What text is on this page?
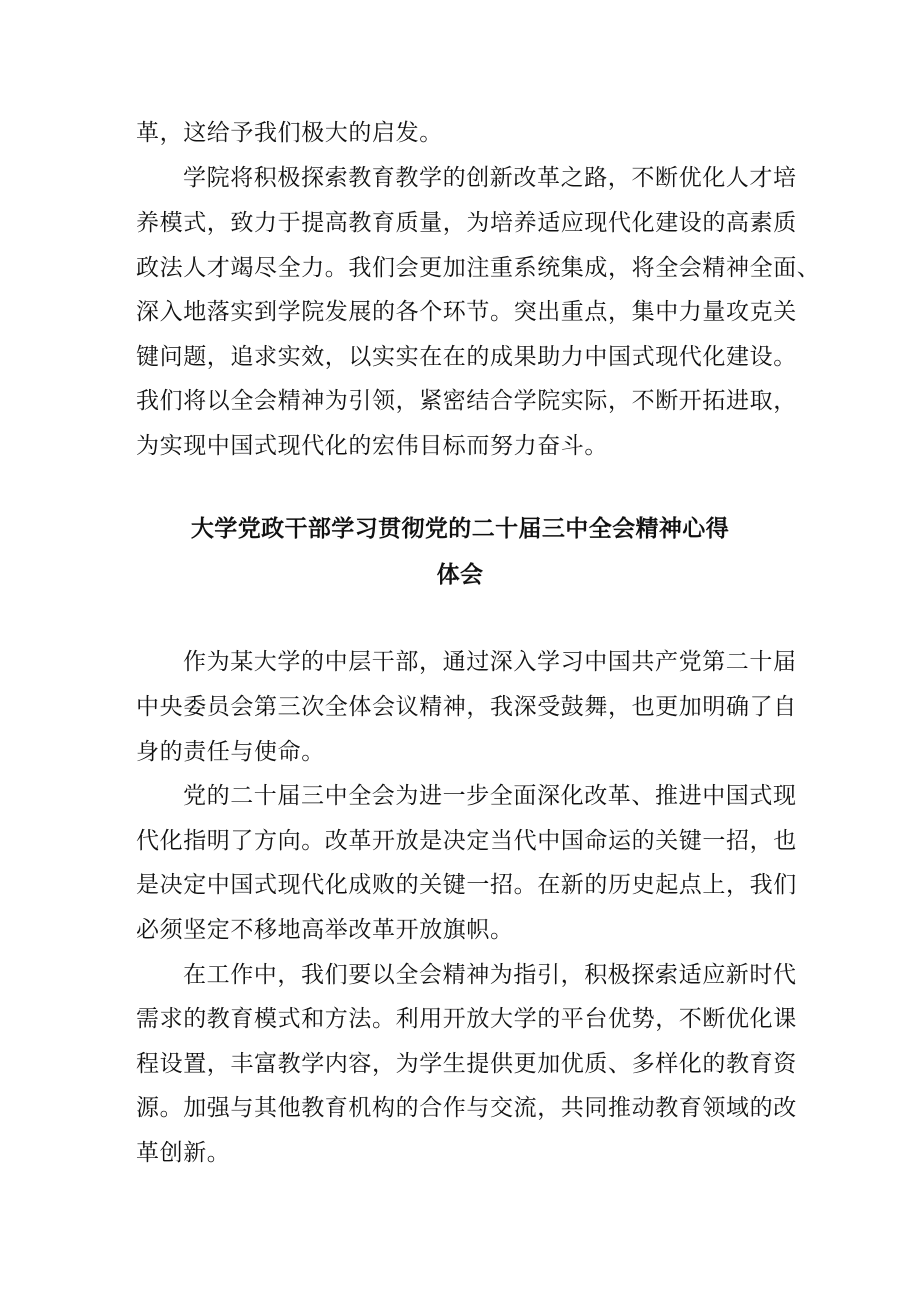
革，这给予我们极大的启发。
学院将积极探索教育教学的创新改革之路，不断优化人才培
养模式，致力于提高教育质量，为培养适应现代化建设的高素质
政法人才竭尽全力。我们会更加注重系统集成，将全会精神全面、
深入地落实到学院发展的各个环节。突出重点，集中力量攻克关
键问题，追求实效，以实实在在的成果助力中国式现代化建设。
我们将以全会精神为引领，紧密结合学院实际，不断开拓进取，
为实现中国式现代化的宏伟目标而努力奋斗。
大学党政干部学习贯彻党的二十届三中全会精神心得
体会
作为某大学的中层干部，通过深入学习中国共产党第二十届
中央委员会第三次全体会议精神，我深受鼓舞，也更加明确了自
身的责任与使命。
党的二十届三中全会为进一步全面深化改革、推进中国式现
代化指明了方向。改革开放是决定当代中国命运的关键一招，也
是决定中国式现代化成败的关键一招。在新的历史起点上，我们
必须坚定不移地高举改革开放旗帜。
在工作中，我们要以全会精神为指引，积极探索适应新时代
需求的教育模式和方法。利用开放大学的平台优势，不断优化课
程设置，丰富教学内容，为学生提供更加优质、多样化的教育资
源。加强与其他教育机构的合作与交流，共同推动教育领域的改
革创新。
